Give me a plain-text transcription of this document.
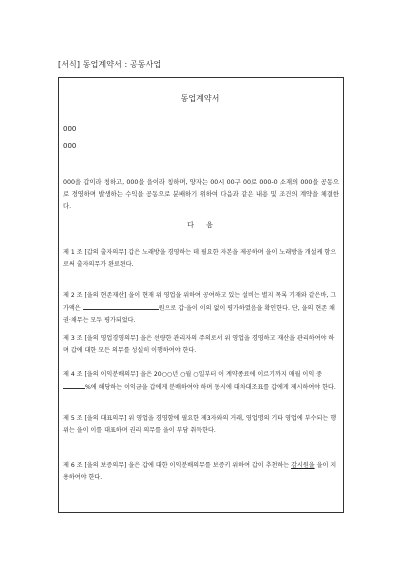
[서식] 동업계약서 : 공동사업
동업계약서
000
000
000을 갑이라 칭하고, 000을 을이라 칭하며, 양자는 00시 00구 00로 000-0 소재의 000을 공동으로 경영하며 발생하는 수익을 공동으로 분배하기 위하여 다음과 같은 내용 및 조건의 계약을 체결한다.
다 음
제 1 조 [갑의 출자의무] 갑은 노래방을 경영하는 데 필요한 자본을 제공하며 을이 노래방을 개설케 함으로써 출자의무가 완료된다.
제 2 조 [을의 현존재산] 을이 현재 위 영업을 위하여 공여하고 있는 설비는 별지 목록 기재와 같은바, 그 가액은	원으로 갑·을이 이의 없이 평가하였음을 확인한다. 단, 을의 현존 채권·채무는 모두 평가되었다.
제 3 조 [을의 영업경영의무] 을은 선량한 관리자의 주의로서 위 영업을 경영하고 재산을 관리하여야 하며 갑에 대한 모든 의무를 성실히 이행하여야 한다.
제 4 조 [을의 이익분배의무] 을은 20○○년 ○월 ○일부터 이 계약종료에 이르기까지 매월 이익 중 %에 해당하는 이익금을 갑에게 분배하여야 하며 동시에 대차대조표를 갑에게 제시하여야 한다.
제 5 조 [을의 대표의무] 위 영업을 경영함에 필요한 제3자와의 거래, 영업명의 기타 영업에 부수되는 행위는 을이 이를 대표하며 권리 의무를 을이 부담 취득한다.
제 6 조 [을의 보증의무] 을은 갑에 대한 이익분배의무를 보증키 위하여 갑이 추천하는 감시원을 을이 지용하여야 한다.
